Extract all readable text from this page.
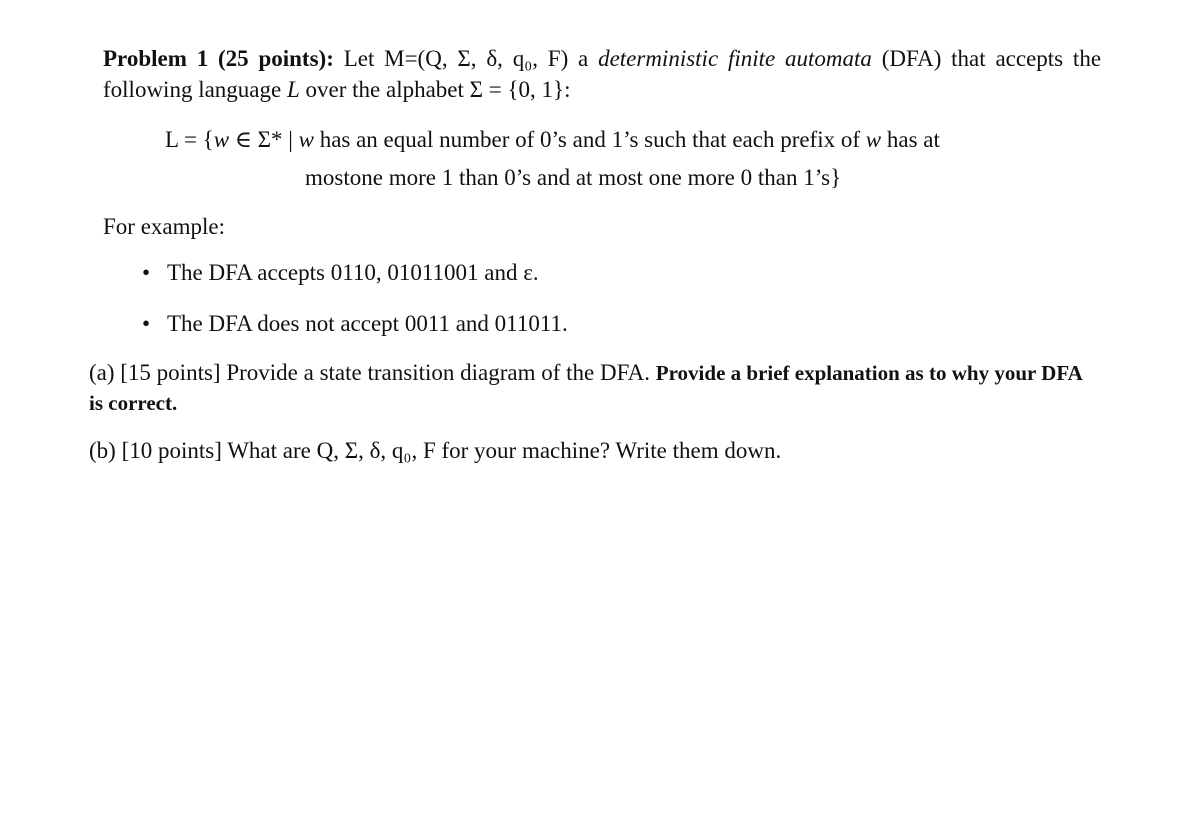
Problem 1 (25 points): Let M=(Q, Σ, δ, q₀, F) a deterministic finite automata (DFA) that accepts the following language L over the alphabet Σ = {0, 1}:
L = {w ∈ Σ* | w has an equal number of 0’s and 1’s such that each prefix of w has at
mostone more 1 than 0’s and at most one more 0 than 1’s}
For example:
• The DFA accepts 0110, 01011001 and ε.
• The DFA does not accept 0011 and 011011.
(a) [15 points] Provide a state transition diagram of the DFA. Provide a brief explanation as to why your DFA is correct.
(b) [10 points] What are Q, Σ, δ, q₀, F for your machine? Write them down.
